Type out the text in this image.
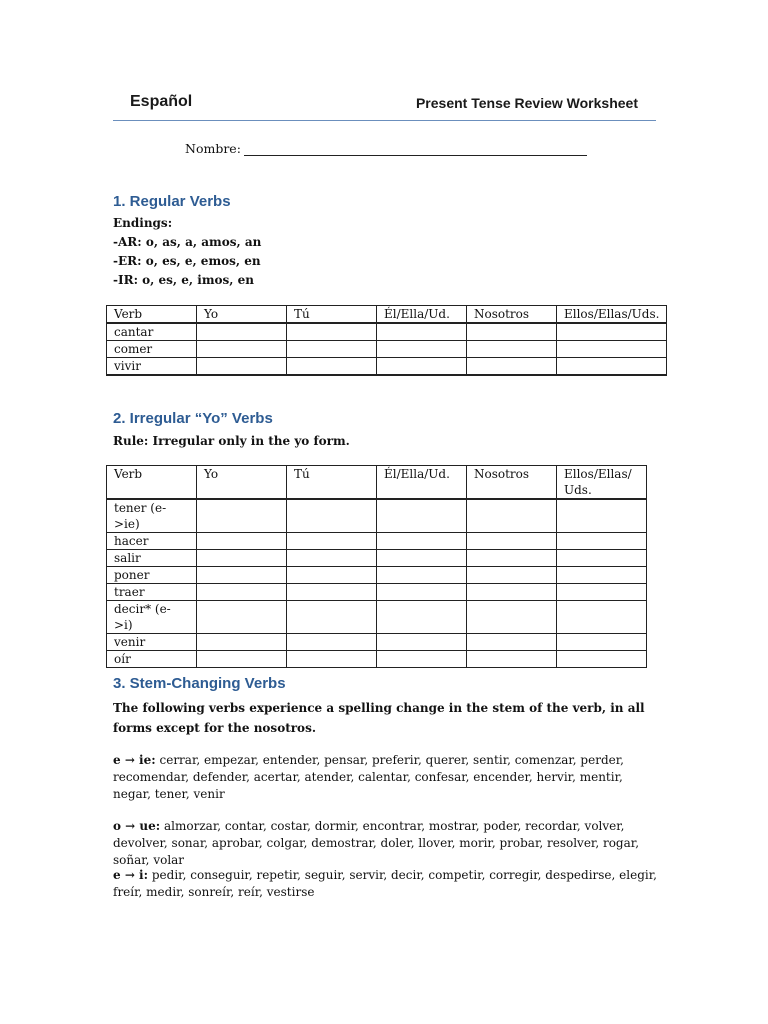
Español	Present Tense Review Worksheet
Nombre:
1. Regular Verbs
Endings:
-AR: o, as, a, amos, an
-ER: o, es, e, emos, en
-IR: o, es, e, imos, en
Verb	Yo	Tú	Él/Ella/Ud.	Nosotros	Ellos/Ellas/Uds.
cantar					
comer					
vivir					
2. Irregular “Yo” Verbs
Rule: Irregular only in the yo form.
Verb	Yo	Tú	Él/Ella/Ud.	Nosotros	Ellos/Ellas/ Uds.
tener (e->ie)					
hacer					
salir					
poner					
traer					
decir* (e->i)					
venir					
oír					
3. Stem-Changing Verbs
The following verbs experience a spelling change in the stem of the verb, in all forms except for the nosotros.
e → ie: cerrar, empezar, entender, pensar, preferir, querer, sentir, comenzar, perder, recomendar, defender, acertar, atender, calentar, confesar, encender, hervir, mentir, negar, tener, venir
o → ue: almorzar, contar, costar, dormir, encontrar, mostrar, poder, recordar, volver, devolver, sonar, aprobar, colgar, demostrar, doler, llover, morir, probar, resolver, rogar, soñar, volar
e → i: pedir, conseguir, repetir, seguir, servir, decir, competir, corregir, despedirse, elegir, freír, medir, sonreír, reír, vestirse
